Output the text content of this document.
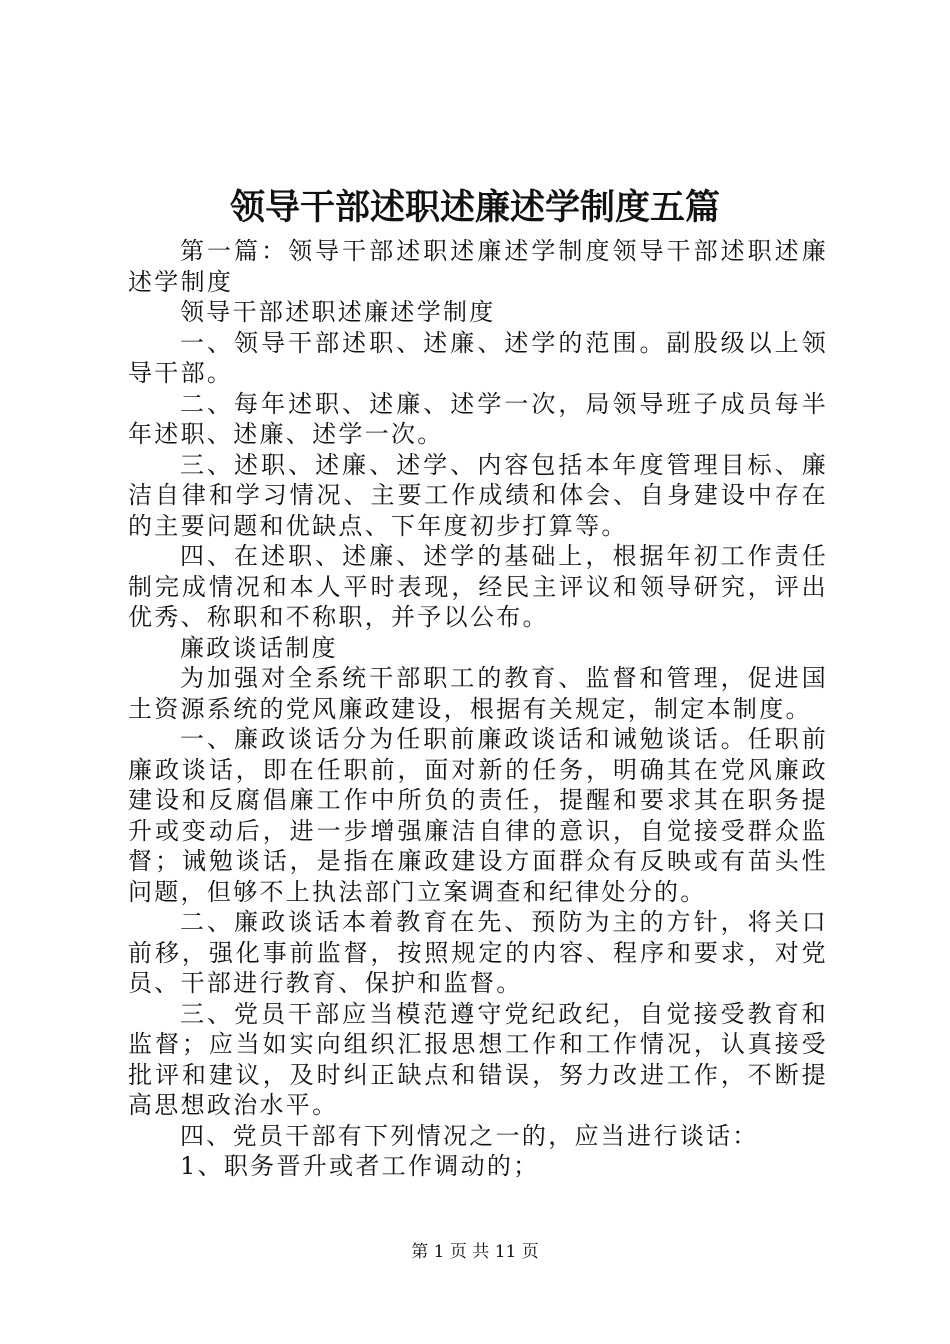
领导干部述职述廉述学制度五篇

第一篇：领导干部述职述廉述学制度领导干部述职述廉述学制度

领导干部述职述廉述学制度

一、领导干部述职、述廉、述学的范围。副股级以上领导干部。

二、每年述职、述廉、述学一次，局领导班子成员每半年述职、述廉、述学一次。

三、述职、述廉、述学、内容包括本年度管理目标、廉洁自律和学习情况、主要工作成绩和体会、自身建设中存在的主要问题和优缺点、下年度初步打算等。

四、在述职、述廉、述学的基础上，根据年初工作责任制完成情况和本人平时表现，经民主评议和领导研究，评出优秀、称职和不称职，并予以公布。

廉政谈话制度

为加强对全系统干部职工的教育、监督和管理，促进国土资源系统的党风廉政建设，根据有关规定，制定本制度。

一、廉政谈话分为任职前廉政谈话和诫勉谈话。任职前廉政谈话，即在任职前，面对新的任务，明确其在党风廉政建设和反腐倡廉工作中所负的责任，提醒和要求其在职务提升或变动后，进一步增强廉洁自律的意识，自觉接受群众监督；诫勉谈话，是指在廉政建设方面群众有反映或有苗头性问题，但够不上执法部门立案调查和纪律处分的。

二、廉政谈话本着教育在先、预防为主的方针，将关口前移，强化事前监督，按照规定的内容、程序和要求，对党员、干部进行教育、保护和监督。

三、党员干部应当模范遵守党纪政纪，自觉接受教育和监督；应当如实向组织汇报思想工作和工作情况，认真接受批评和建议，及时纠正缺点和错误，努力改进工作，不断提高思想政治水平。

四、党员干部有下列情况之一的，应当进行谈话：

1、职务晋升或者工作调动的；

第 1 页 共 11 页
